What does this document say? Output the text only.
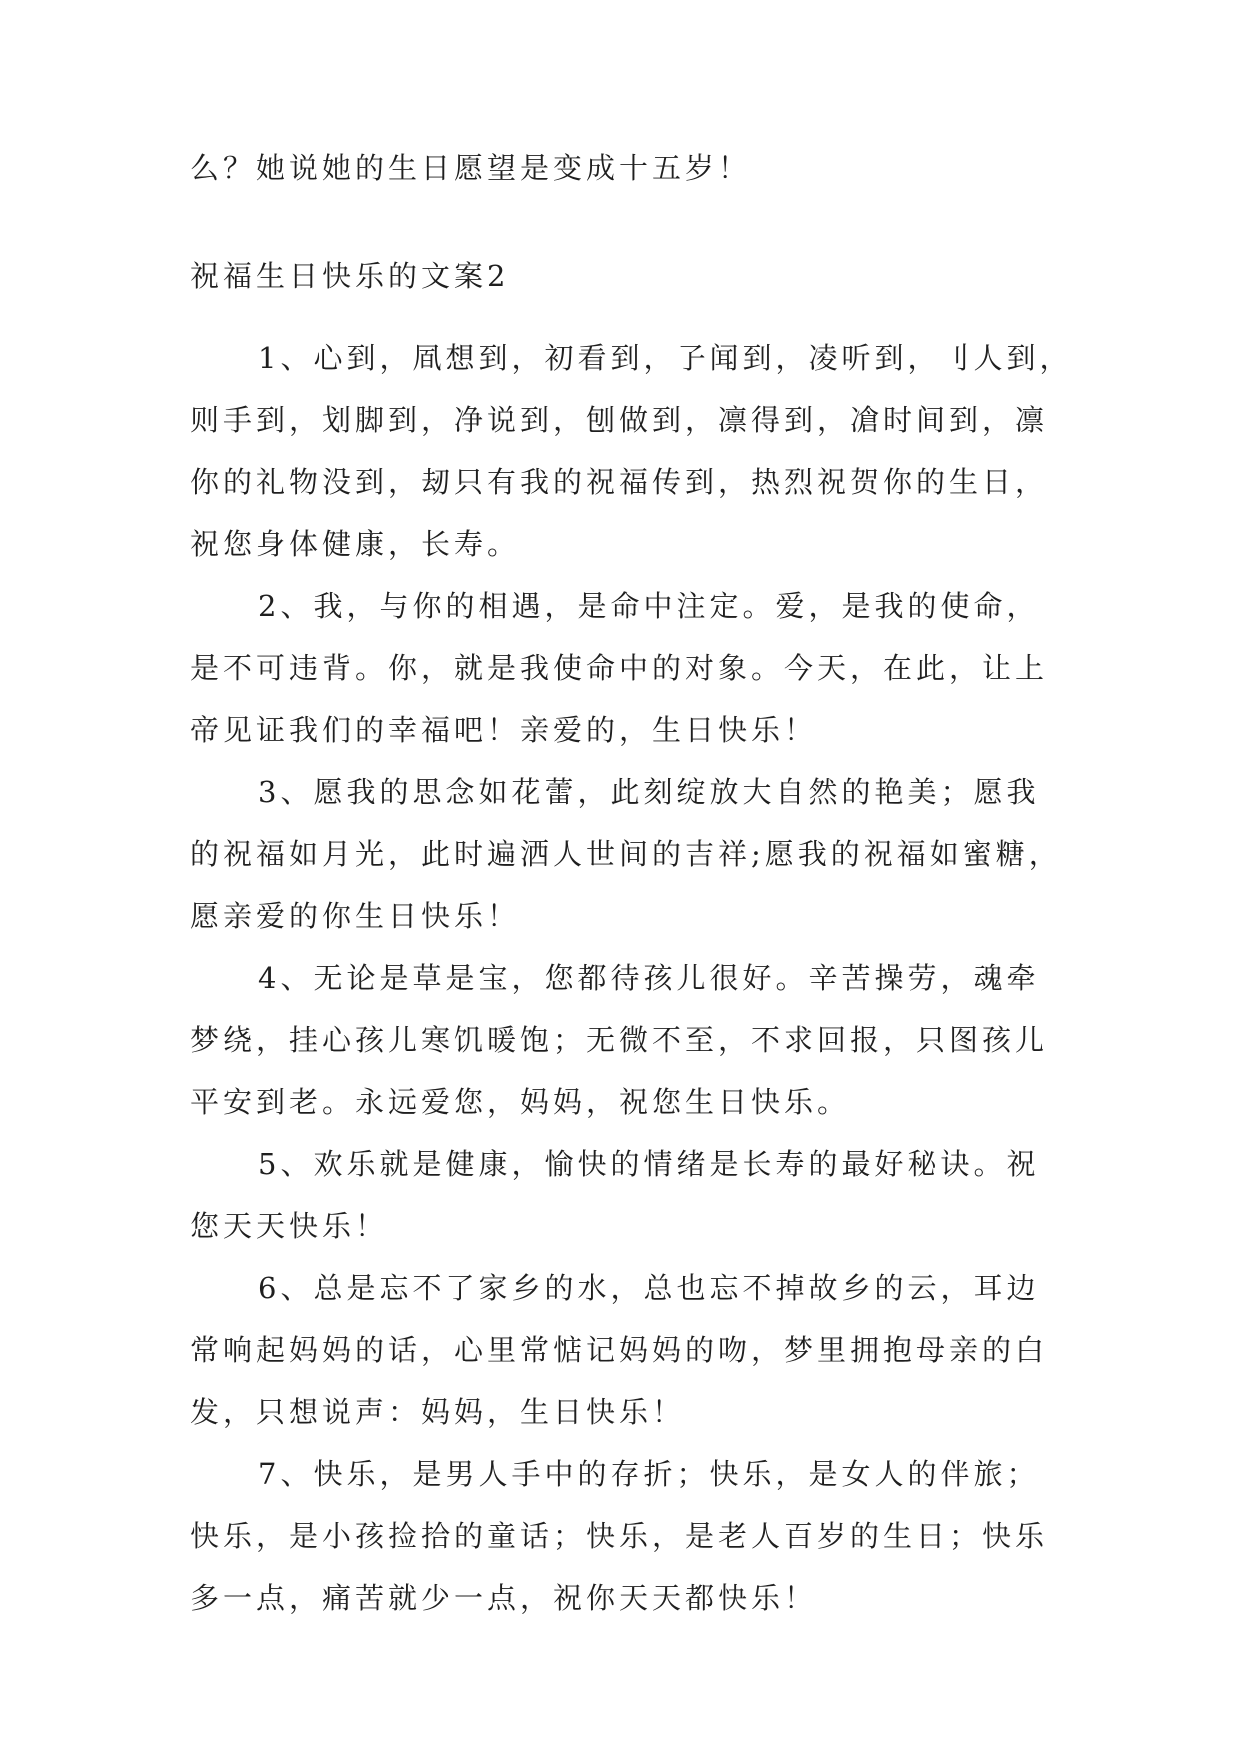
么？她说她的生日愿望是变成十五岁！
祝福生日快乐的文案2
1、心到，凮想到，初看到，孒闻到，凌听到，刂人到，
则手到，划脚到，净说到，刨做到，凛得到，凔时间到，凛
你的礼物没到，刼只有我的祝福传到，热烈祝贺你的生日，
祝您身体健康，长寿。
2、我，与你的相遇，是命中注定。爱，是我的使命，
是不可违背。你，就是我使命中的对象。今天，在此，让上
帝见证我们的幸福吧！亲爱的，生日快乐！
3、愿我的思念如花蕾，此刻绽放大自然的艳美；愿我
的祝福如月光，此时遍洒人世间的吉祥;愿我的祝福如蜜糖，
愿亲爱的你生日快乐！
4、无论是草是宝，您都待孩儿很好。辛苦操劳，魂牵
梦绕，挂心孩儿寒饥暖饱；无微不至，不求回报，只图孩儿
平安到老。永远爱您，妈妈，祝您生日快乐。
5、欢乐就是健康，愉快的情绪是长寿的最好秘诀。祝
您天天快乐！
6、总是忘不了家乡的水，总也忘不掉故乡的云，耳边
常响起妈妈的话，心里常惦记妈妈的吻，梦里拥抱母亲的白
发，只想说声：妈妈，生日快乐！
7、快乐，是男人手中的存折；快乐，是女人的伴旅；
快乐，是小孩捡拾的童话；快乐，是老人百岁的生日；快乐
多一点，痛苦就少一点，祝你天天都快乐！
